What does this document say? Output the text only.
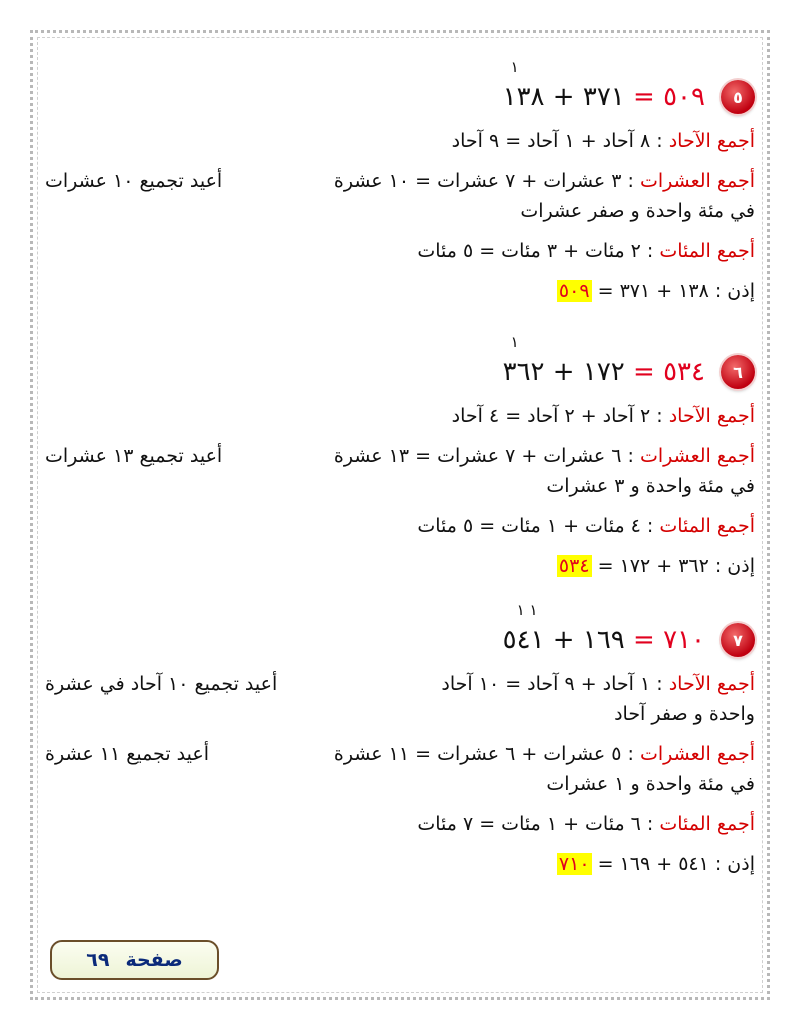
٥
٥٠٩ = ٣٧١ +
١
١٣٨
أجمع الآحاد : ٨ آحاد + ١ آحاد = ٩ آحاد
أجمع العشرات : ٣ عشرات + ٧ عشرات = ١٠ عشرة
أعيد تجميع ١٠ عشرات

في مئة واحدة و صفر عشرات
أجمع المئات : ٢ مئات + ٣ مئات = ٥ مئات
إذن : ١٣٨ + ٣٧١ = ٥٠٩
٦
٥٣٤ = ١٧٢ +
١
٣٦٢
أجمع الآحاد : ٢ آحاد + ٢ آحاد = ٤ آحاد
أجمع العشرات : ٦ عشرات + ٧ عشرات = ١٣ عشرة
أعيد تجميع ١٣ عشرات

في مئة واحدة و ٣ عشرات
أجمع المئات : ٤ مئات + ١ مئات = ٥ مئات
إذن : ٣٦٢ + ١٧٢ = ٥٣٤
٧
٧١٠ = ١٦٩ +
١ ١
٥٤١
أجمع الآحاد : ١ آحاد + ٩ آحاد = ١٠ آحاد
أعيد تجميع ١٠ آحاد في عشرة

واحدة و صفر آحاد
أجمع العشرات : ٥ عشرات + ٦ عشرات = ١١ عشرة
أعيد تجميع ١١ عشرة

في مئة واحدة و ١ عشرات
أجمع المئات : ٦ مئات + ١ مئات = ٧ مئات
إذن : ٥٤١ + ١٦٩ = ٧١٠
صفحة
٦٩
